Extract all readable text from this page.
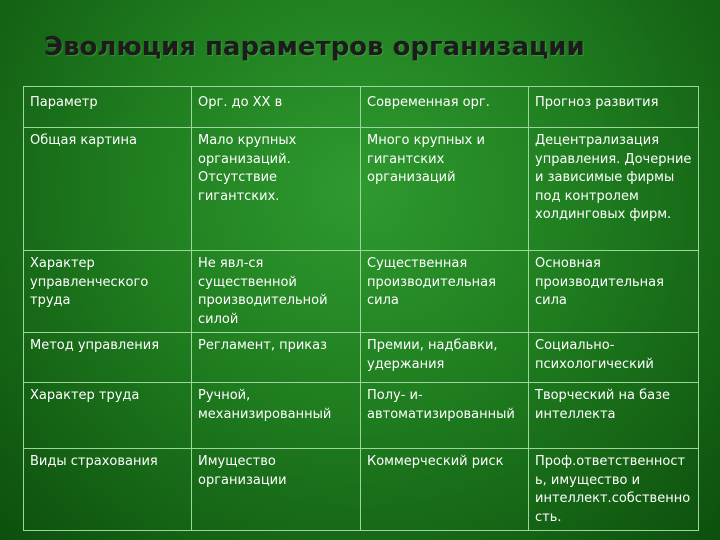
Эволюция параметров организации
Параметр	Орг. до XX в	Современная орг.	Прогноз развития
Общая картина	Мало крупных организаций. Отсутствие гигантских.	Много крупных и гигантских организаций	Децентрализация управления. Дочерние и зависимые фирмы под контролем холдинговых фирм.
Характер управленческого труда	Не явл-ся существенной производительной силой	Существенная производительная сила	Основная производительная сила
Метод управления	Регламент, приказ	Премии, надбавки, удержания	Социально-психологический
Характер труда	Ручной, механизированный	Полу- и-автоматизированный	Творческий на базе интеллекта
Виды страхования	Имущество организации	Коммерческий риск	Проф.ответственность, имущество и интеллект.собственность.
